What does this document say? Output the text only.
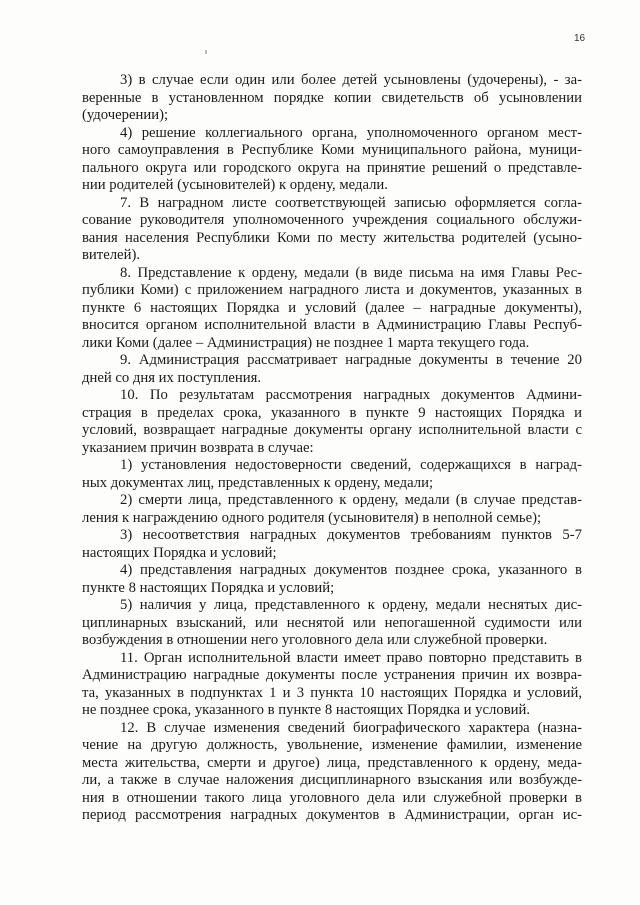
16
3) в случае если один или более детей усыновлены (удочерены), - за-
веренные в установленном порядке копии свидетельств об усыновлении
(удочерении);
4) решение коллегиального органа, уполномоченного органом мест-
ного самоуправления в Республике Коми муниципального района, муници-
пального округа или городского округа на принятие решений о представле-
нии родителей (усыновителей) к ордену, медали.
7. В наградном листе соответствующей записью оформляется согла-
сование руководителя уполномоченного учреждения социального обслужи-
вания населения Республики Коми по месту жительства родителей (усыно-
вителей).
8. Представление к ордену, медали (в виде письма на имя Главы Рес-
публики Коми) с приложением наградного листа и документов, указанных в
пункте 6 настоящих Порядка и условий (далее – наградные документы),
вносится органом исполнительной власти в Администрацию Главы Респуб-
лики Коми (далее – Администрация) не позднее 1 марта текущего года.
9. Администрация рассматривает наградные документы в течение 20
дней со дня их поступления.
10. По результатам рассмотрения наградных документов Админи-
страция в пределах срока, указанного в пункте 9 настоящих Порядка и
условий, возвращает наградные документы органу исполнительной власти с
указанием причин возврата в случае:
1) установления недостоверности сведений, содержащихся в наград-
ных документах лиц, представленных к ордену, медали;
2) смерти лица, представленного к ордену, медали (в случае представ-
ления к награждению одного родителя (усыновителя) в неполной семье);
3) несоответствия наградных документов требованиям пунктов 5-7
настоящих Порядка и условий;
4) представления наградных документов позднее срока, указанного в
пункте 8 настоящих Порядка и условий;
5) наличия у лица, представленного к ордену, медали неснятых дис-
циплинарных взысканий, или неснятой или непогашенной судимости или
возбуждения в отношении него уголовного дела или служебной проверки.
11. Орган исполнительной власти имеет право повторно представить в
Администрацию наградные документы после устранения причин их возвра-
та, указанных в подпунктах 1 и 3 пункта 10 настоящих Порядка и условий,
не позднее срока, указанного в пункте 8 настоящих Порядка и условий.
12. В случае изменения сведений биографического характера (назна-
чение на другую должность, увольнение, изменение фамилии, изменение
места жительства, смерти и другое) лица, представленного к ордену, меда-
ли, а также в случае наложения дисциплинарного взыскания или возбужде-
ния в отношении такого лица уголовного дела или служебной проверки в
период рассмотрения наградных документов в Администрации, орган ис-
